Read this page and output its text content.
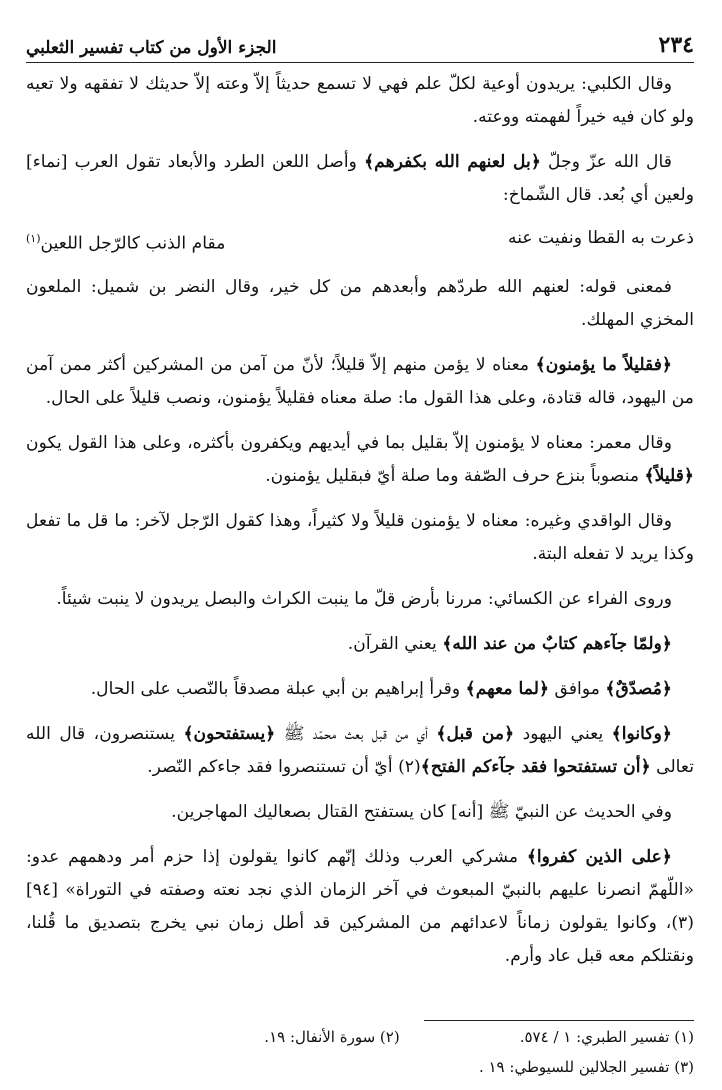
٢٣٤
الجزء الأول من كتاب تفسير الثعلبي

وقال الكلبي: يريدون أوعية لكلّ علم فهي لا تسمع حديثاً إلاّ وعته إلاّ حديثك لا تفقهه ولا تعيه ولو كان فيه خيراً لفهمته ووعته.

قال الله عزّ وجلّ ﴿بل لعنهم الله بكفرهم﴾ وأصل اللعن الطرد والأبعاد تقول العرب [نماء] ولعين أي بُعد. قال الشّماخ:

ذعرت به القطا ونفيت عنه
مقام الذنب كالرّجل اللعين$^{(١)}$

فمعنى قوله: لعنهم الله طردّهم وأبعدهم من كل خير، وقال النضر بن شميل: الملعون المخزي المهلك.

﴿فقليلاً ما يؤمنون﴾ معناه لا يؤمن منهم إلاّ قليلاً؛ لأنّ من آمن من المشركين أكثر ممن آمن من اليهود، قاله قتادة، وعلى هذا القول ما: صلة معناه فقليلاً يؤمنون، ونصب قليلاً على الحال.

وقال معمر: معناه لا يؤمنون إلاّ بقليل بما في أيديهم ويكفرون بأكثره، وعلى هذا القول يكون ﴿قليلاً﴾ منصوباً بنزع حرف الصّفة وما صلة أيّ فبقليل يؤمنون.

وقال الواقدي وغيره: معناه لا يؤمنون قليلاً ولا كثيراً، وهذا كقول الرّجل لآخر: ما قل ما تفعل وكذا يريد لا تفعله البتة.

وروى الفراء عن الكسائي: مررنا بأرض قلّ ما ينبت الكراث والبصل يريدون لا ينبت شيئاً.

﴿ولمّا جآءهم كتابٌ من عند الله﴾ يعني القرآن.

﴿مُصدّقٌ﴾ موافق ﴿لما معهم﴾ وقرأ إبراهيم بن أبي عبلة مصدقاً بالنّصب على الحال.

﴿وكانوا﴾ يعني اليهود ﴿من قبل﴾ أي من قبل بعث محمّد ﷺ ﴿يستفتحون﴾ يستنصرون، قال الله تعالى ﴿أن تستفتحوا فقد جآءكم الفتح﴾(٢) أيّ أن تستنصروا فقد جاءكم النّصر.

وفي الحديث عن النبيّ ﷺ [أنه] كان يستفتح القتال بصعاليك المهاجرين.

﴿على الذين كفروا﴾ مشركي العرب وذلك إنّهم كانوا يقولون إذا حزم أمر ودهمهم عدو: «اللّهمّ انصرنا عليهم بالنبيّ المبعوث في آخر الزمان الذي نجد نعته وصفته في التوراة» [٩٤](٣)، وكانوا يقولون زماناً لاعدائهم من المشركين قد أطل زمان نبي يخرج بتصديق ما قُلنا، ونقتلكم معه قبل عاد وأرم.

(١) تفسير الطبري: ١ / ٥٧٤.
(٢) سورة الأنفال: ١٩.
(٣) تفسير الجلالين للسيوطي: ١٩ .
